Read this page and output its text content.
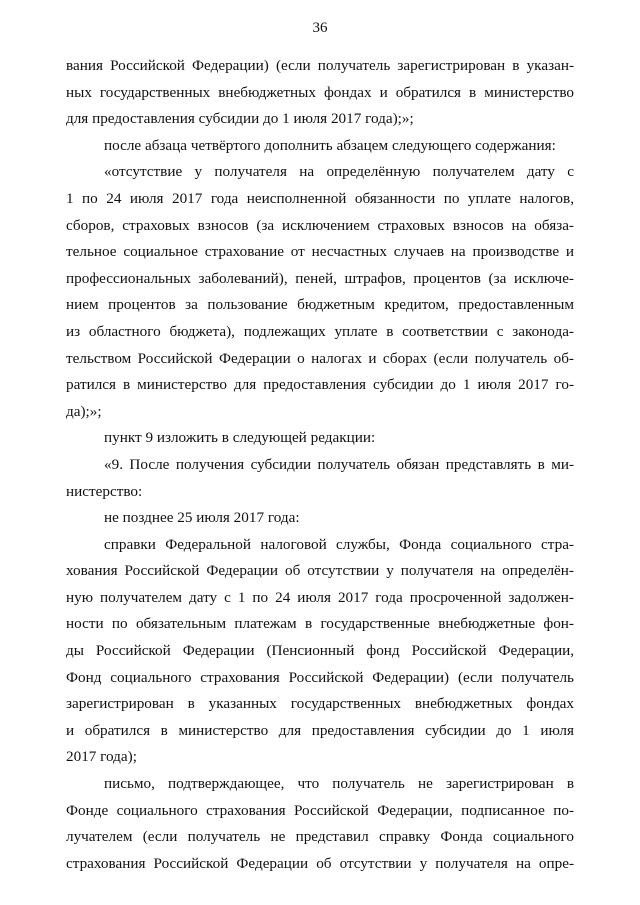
36
вания Российской Федерации) (если получатель зарегистрирован в указан-
ных государственных внебюджетных фондах и обратился в министерство
для предоставления субсидии до 1 июля 2017 года);»;
после абзаца четвёртого дополнить абзацем следующего содержания:
«отсутствие у получателя на определённую получателем дату с
1 по 24 июля 2017 года неисполненной обязанности по уплате налогов,
сборов, страховых взносов (за исключением страховых взносов на обяза-
тельное социальное страхование от несчастных случаев на производстве и
профессиональных заболеваний), пеней, штрафов, процентов (за исключе-
нием процентов за пользование бюджетным кредитом, предоставленным
из областного бюджета), подлежащих уплате в соответствии с законода-
тельством Российской Федерации о налогах и сборах (если получатель об-
ратился в министерство для предоставления субсидии до 1 июля 2017 го-
да);»;
пункт 9 изложить в следующей редакции:
«9. После получения субсидии получатель обязан представлять в ми-
нистерство:
не позднее 25 июля 2017 года:
справки Федеральной налоговой службы, Фонда социального стра-
хования Российской Федерации об отсутствии у получателя на определён-
ную получателем дату с 1 по 24 июля 2017 года просроченной задолжен-
ности по обязательным платежам в государственные внебюджетные фон-
ды Российской Федерации (Пенсионный фонд Российской Федерации,
Фонд социального страхования Российской Федерации) (если получатель
зарегистрирован в указанных государственных внебюджетных фондах
и обратился в министерство для предоставления субсидии до 1 июля
2017 года);
письмо, подтверждающее, что получатель не зарегистрирован в
Фонде социального страхования Российской Федерации, подписанное по-
лучателем (если получатель не представил справку Фонда социального
страхования Российской Федерации об отсутствии у получателя на опре-
